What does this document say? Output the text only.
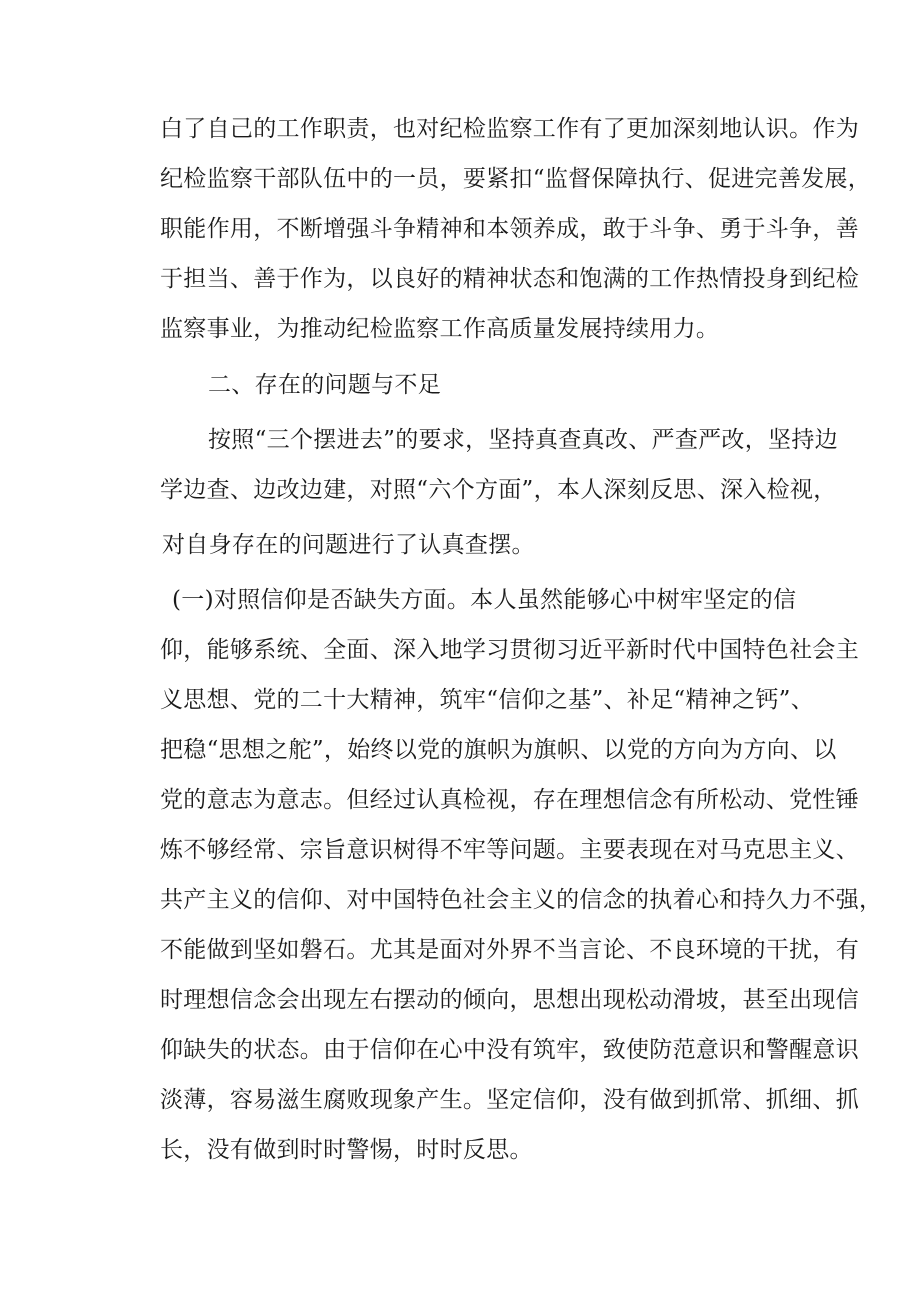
白了自己的工作职责，也对纪检监察工作有了更加深刻地认识。作为

纪检监察干部队伍中的一员，要紧扣“监督保障执行、促进完善发展，

职能作用，不断增强斗争精神和本领养成，敢于斗争、勇于斗争，善

于担当、善于作为，以良好的精神状态和饱满的工作热情投身到纪检

监察事业，为推动纪检监察工作高质量发展持续用力。

二、存在的问题与不足

按照“三个摆进去”的要求，坚持真查真改、严查严改，坚持边

学边查、边改边建，对照“六个方面”，本人深刻反思、深入检视，

对自身存在的问题进行了认真查摆。

(一)对照信仰是否缺失方面。本人虽然能够心中树牢坚定的信

仰，能够系统、全面、深入地学习贯彻习近平新时代中国特色社会主

义思想、党的二十大精神，筑牢“信仰之基”、补足“精神之钙”、

把稳“思想之舵”，始终以党的旗帜为旗帜、以党的方向为方向、以

党的意志为意志。但经过认真检视，存在理想信念有所松动、党性锤

炼不够经常、宗旨意识树得不牢等问题。主要表现在对马克思主义、

共产主义的信仰、对中国特色社会主义的信念的执着心和持久力不强，

不能做到坚如磐石。尤其是面对外界不当言论、不良环境的干扰，有

时理想信念会出现左右摆动的倾向，思想出现松动滑坡，甚至出现信

仰缺失的状态。由于信仰在心中没有筑牢，致使防范意识和警醒意识

淡薄，容易滋生腐败现象产生。坚定信仰，没有做到抓常、抓细、抓

长，没有做到时时警惕，时时反思。
